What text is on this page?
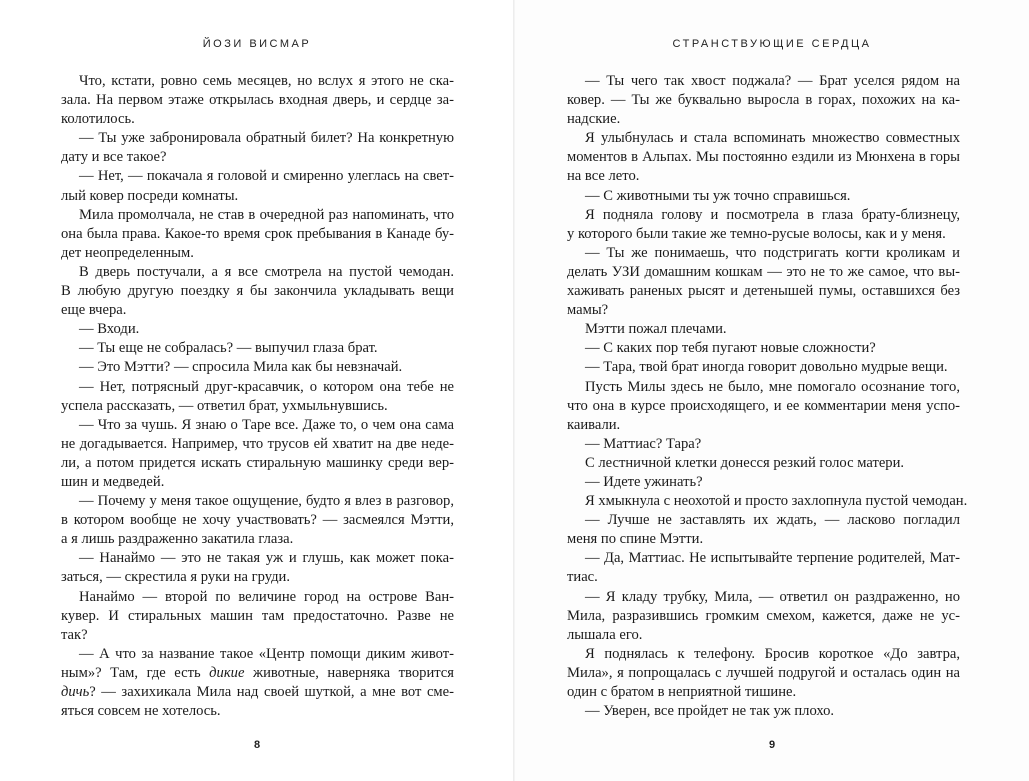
ЙОЗИ ВИСМАР
Что, кстати, ровно семь месяцев, но вслух я этого не ска-
зала. На первом этаже открылась входная дверь, и сердце за-
колотилось.
— Ты уже забронировала обратный билет? На конкретную
дату и все такое?
— Нет, — покачала я головой и смиренно улеглась на свет-
лый ковер посреди комнаты.
Мила промолчала, не став в очередной раз напоминать, что
она была права. Какое-то время срок пребывания в Канаде бу-
дет неопределенным.
В дверь постучали, а я все смотрела на пустой чемодан.
В любую другую поездку я бы закончила укладывать вещи
еще вчера.
— Входи.
— Ты еще не собралась? — выпучил глаза брат.
— Это Мэтти? — спросила Мила как бы невзначай.
— Нет, потрясный друг-красавчик, о котором она тебе не
успела рассказать, — ответил брат, ухмыльнувшись.
— Что за чушь. Я знаю о Таре все. Даже то, о чем она сама
не догадывается. Например, что трусов ей хватит на две неде-
ли, а потом придется искать стиральную машинку среди вер-
шин и медведей.
— Почему у меня такое ощущение, будто я влез в разговор,
в котором вообще не хочу участвовать? — засмеялся Мэтти,
а я лишь раздраженно закатила глаза.
— Нанаймо — это не такая уж и глушь, как может пока-
заться, — скрестила я руки на груди.
Нанаймо — второй по величине город на острове Ван-
кувер. И стиральных машин там предостаточно. Разве не
так?
— А что за название такое «Центр помощи диким живот-
ным»? Там, где есть дикие животные, наверняка творится
дичь? — захихикала Мила над своей шуткой, а мне вот сме-
яться совсем не хотелось.
8
СТРАНСТВУЮЩИЕ СЕРДЦА
— Ты чего так хвост поджала? — Брат уселся рядом на
ковер. — Ты же буквально выросла в горах, похожих на ка-
надские.
Я улыбнулась и стала вспоминать множество совместных
моментов в Альпах. Мы постоянно ездили из Мюнхена в горы
на все лето.
— С животными ты уж точно справишься.
Я подняла голову и посмотрела в глаза брату-близнецу,
у которого были такие же темно-русые волосы, как и у меня.
— Ты же понимаешь, что подстригать когти кроликам и
делать УЗИ домашним кошкам — это не то же самое, что вы-
хаживать раненых рысят и детенышей пумы, оставшихся без
мамы?
Мэтти пожал плечами.
— С каких пор тебя пугают новые сложности?
— Тара, твой брат иногда говорит довольно мудрые вещи.
Пусть Милы здесь не было, мне помогало осознание того,
что она в курсе происходящего, и ее комментарии меня успо-
каивали.
— Маттиас? Тара?
С лестничной клетки донесся резкий голос матери.
— Идете ужинать?
Я хмыкнула с неохотой и просто захлопнула пустой чемодан.
— Лучше не заставлять их ждать, — ласково погладил
меня по спине Мэтти.
— Да, Маттиас. Не испытывайте терпение родителей, Мат-
тиас.
— Я кладу трубку, Мила, — ответил он раздраженно, но
Мила, разразившись громким смехом, кажется, даже не ус-
лышала его.
Я поднялась к телефону. Бросив короткое «До завтра,
Мила», я попрощалась с лучшей подругой и осталась один на
один с братом в неприятной тишине.
— Уверен, все пройдет не так уж плохо.
9
